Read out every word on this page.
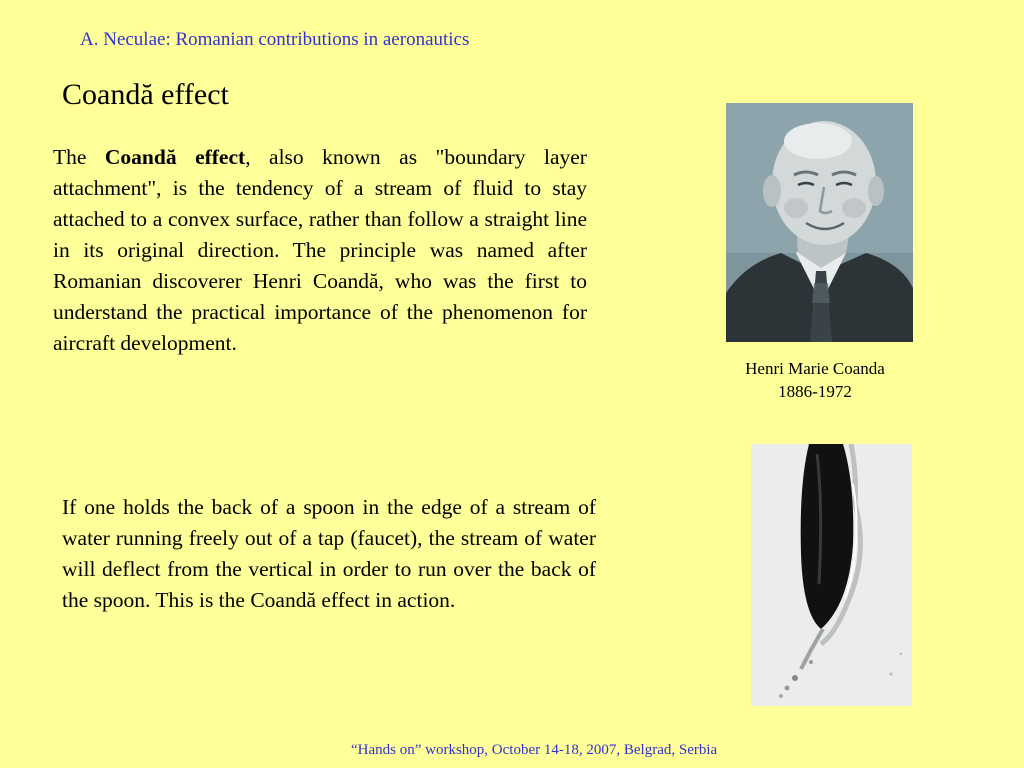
A. Neculae: Romanian contributions in aeronautics
Coandă effect
The Coandă effect, also known as "boundary layer attachment", is the tendency of a stream of fluid to stay attached to a convex surface, rather than follow a straight line in its original direction. The principle was named after Romanian discoverer Henri Coandă, who was the first to understand the practical importance of the phenomenon for aircraft development.
Henri Marie Coanda
1886-1972
If one holds the back of a spoon in the edge of a stream of water running freely out of a tap (faucet), the stream of water will deflect from the vertical in order to run over the back of the spoon. This is the Coandă effect in action.
“Hands on” workshop, October 14-18, 2007, Belgrad, Serbia
